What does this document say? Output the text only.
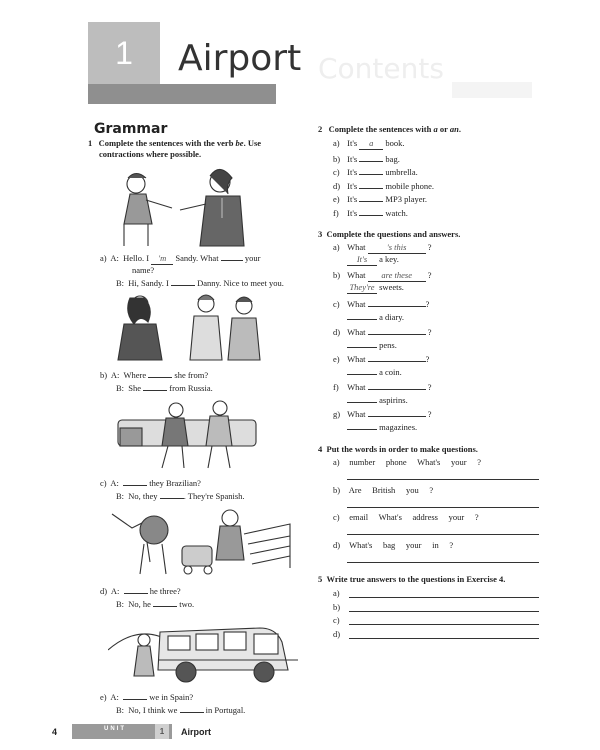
1	Airport Contents
Grammar
1 Complete the sentences with the verb be. Use
contractions where possible.
a) A: Hello. I 'm Sandy. What	your
name?
B: Hi, Sandy. I	Danny. Nice to meet you.
b) A: Where	she from?
B: She	from Russia.
c) A:	they Brazilian?
B: No, they	. They're Spanish.
d) A:	he three?
B: No, he	two.
e) A:	we in Spain?
B: No, I think we	in Portugal.
2 Complete the sentences with a or an.
a) It's a book.
b) It's	bag.
c) It's	umbrella.
d) It's	mobile phone.
e) It's	MP3 player.
f) It's	watch.
3 Complete the questions and answers.
a) What	's this	?
It's a key.
b) What are these ?
They're sweets.
c) What	?
a diary.
d) What	?
pens.
e) What	?
a coin.
f) What	?
aspirins.
g) What	?
magazines.
4 Put the words in order to make questions.
a) number phone What's your ?
b) Are British you ?
c) email What's address your ?
d) What's bag your in ?
5 Write true answers to the questions in Exercise 4.
a)
b)
c)
d)
4	UNIT	1	Airport
